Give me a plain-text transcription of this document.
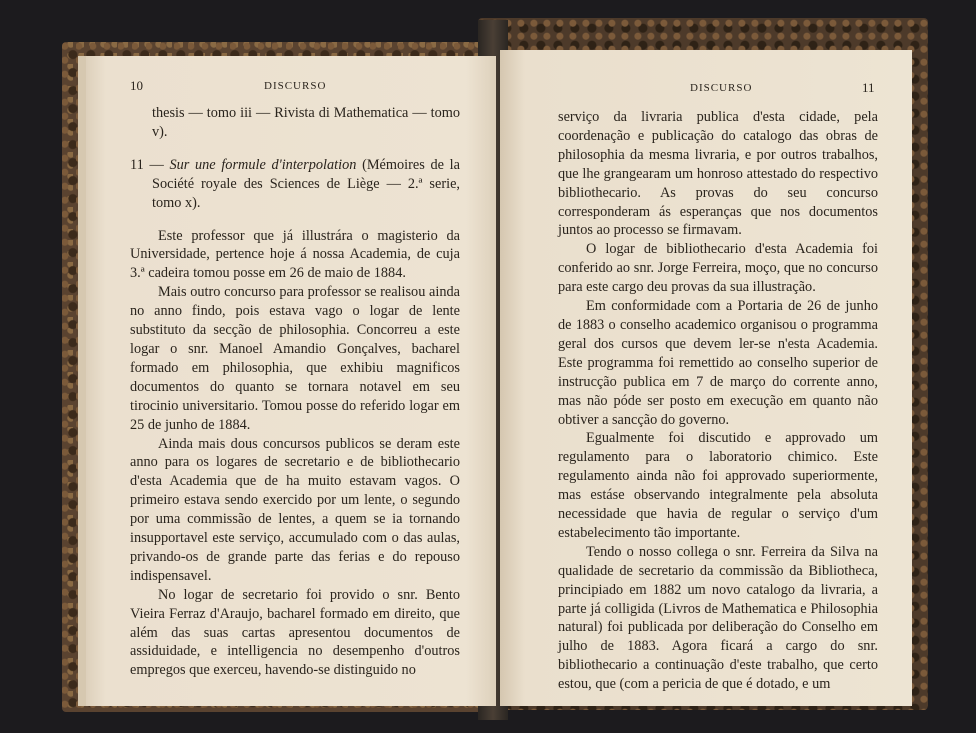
10	DISCURSO

thesis — tomo iii — Rivista di Mathematica — tomo v).

11 — Sur une formule d'interpolation (Mémoires de la Société royale des Sciences de Liège — 2.ª serie, tomo x).

Este professor que já illustrára o magisterio da Universidade, pertence hoje á nossa Academia, de cuja 3.ª cadeira tomou posse em 26 de maio de 1884.

Mais outro concurso para professor se realisou ainda no anno findo, pois estava vago o logar de lente substituto da secção de philosophia. Concorreu a este logar o snr. Manoel Amandio Gonçalves, bacharel formado em philosophia, que exhibiu magnificos documentos do quanto se tornara notavel em seu tirocinio universitario. Tomou posse do referido logar em 25 de junho de 1884.

Ainda mais dous concursos publicos se deram este anno para os logares de secretario e de bibliothecario d'esta Academia que de ha muito estavam vagos. O primeiro estava sendo exercido por um lente, o segundo por uma commissão de lentes, a quem se ia tornando insupportavel este serviço, accumulado com o das aulas, privando-os de grande parte das ferias e do repouso indispensavel.

No logar de secretario foi provido o snr. Bento Vieira Ferraz d'Araujo, bacharel formado em direito, que além das suas cartas apresentou documentos de assiduidade, e intelligencia no desempenho d'outros empregos que exerceu, havendo-se distinguido no

DISCURSO	11

serviço da livraria publica d'esta cidade, pela coordenação e publicação do catalogo das obras de philosophia da mesma livraria, e por outros trabalhos, que lhe grangearam um honroso attestado do respectivo bibliothecario. As provas do seu concurso corresponderam ás esperanças que nos documentos juntos ao processo se firmavam.

O logar de bibliothecario d'esta Academia foi conferido ao snr. Jorge Ferreira, moço, que no concurso para este cargo deu provas da sua illustração.

Em conformidade com a Portaria de 26 de junho de 1883 o conselho academico organisou o programma geral dos cursos que devem ler-se n'esta Academia. Este programma foi remettido ao conselho superior de instrucção publica em 7 de março do corrente anno, mas não póde ser posto em execução em quanto não obtiver a sancção do governo.

Egualmente foi discutido e approvado um regulamento para o laboratorio chimico. Este regulamento ainda não foi approvado superiormente, mas estáse observando integralmente pela absoluta necessidade que havia de regular o serviço d'um estabelecimento tão importante.

Tendo o nosso collega o snr. Ferreira da Silva na qualidade de secretario da commissão da Bibliotheca, principiado em 1882 um novo catalogo da livraria, a parte já colligida (Livros de Mathematica e Philosophia natural) foi publicada por deliberação do Conselho em julho de 1883. Agora ficará a cargo do snr. bibliothecario a continuação d'este trabalho, que certo estou, que (com a pericia de que é dotado, e um
